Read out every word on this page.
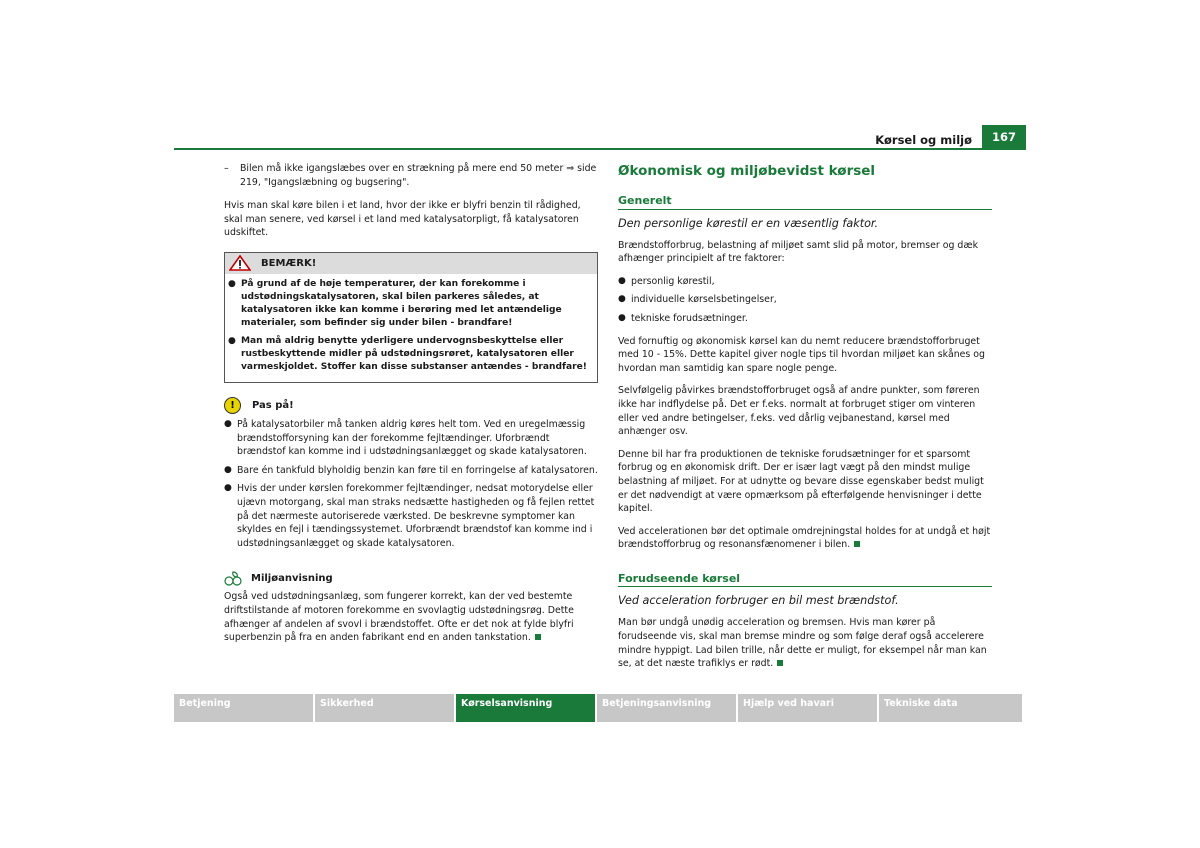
Kørsel og miljø	167
–	Bilen må ikke igangslæbes over en strækning på mere end 50 meter ⇒ side 219, "Igangslæbning og bugsering".

Hvis man skal køre bilen i et land, hvor der ikke er blyfri benzin til rådighed, skal man senere, ved kørsel i et land med katalysatorpligt, få katalysatoren udskiftet.

BEMÆRK!
● På grund af de høje temperaturer, der kan forekomme i udstødningskatalysatoren, skal bilen parkeres således, at katalysatoren ikke kan komme i berøring med let antændelige materialer, som befinder sig under bilen - brandfare!
● Man må aldrig benytte yderligere undervognsbeskyttelse eller rustbeskyttende midler på udstødningsrøret, katalysatoren eller varmeskjoldet. Stoffer kan disse substanser antændes - brandfare!
!	Pas på!
● På katalysatorbiler må tanken aldrig køres helt tom. Ved en uregelmæssig brændstofforsyning kan der forekomme fejltændinger. Uforbrændt brændstof kan komme ind i udstødningsanlægget og skade katalysatoren.
● Bare én tankfuld blyholdig benzin kan føre til en forringelse af katalysatoren.
● Hvis der under kørslen forekommer fejltændinger, nedsat motorydelse eller ujævn motorgang, skal man straks nedsætte hastigheden og få fejlen rettet på det nærmeste autoriserede værksted. De beskrevne symptomer kan skyldes en fejl i tændingssystemet. Uforbrændt brændstof kan komme ind i udstødningsanlægget og skade katalysatoren.
Miljøanvisning

Også ved udstødningsanlæg, som fungerer korrekt, kan der ved bestemte driftstilstande af motoren forekomme en svovlagtig udstødningsrøg. Dette afhænger af andelen af svovl i brændstoffet. Ofte er det nok at fylde blyfri superbenzin på fra en anden fabrikant end en anden tankstation.

Økonomisk og miljøbevidst kørsel
Generelt
Den personlige kørestil er en væsentlig faktor.

Brændstofforbrug, belastning af miljøet samt slid på motor, bremser og dæk afhænger principielt af tre faktorer:

● personlig kørestil,
● individuelle kørselsbetingelser,
● tekniske forudsætninger.

Ved fornuftig og økonomisk kørsel kan du nemt reducere brændstofforbruget med 10 - 15%. Dette kapitel giver nogle tips til hvordan miljøet kan skånes og hvordan man samtidig kan spare nogle penge.

Selvfølgelig påvirkes brændstofforbruget også af andre punkter, som føreren ikke har indflydelse på. Det er f.eks. normalt at forbruget stiger om vinteren eller ved andre betingelser, f.eks. ved dårlig vejbanestand, kørsel med anhænger osv.

Denne bil har fra produktionen de tekniske forudsætninger for et sparsomt forbrug og en økonomisk drift. Der er især lagt vægt på den mindst mulige belastning af miljøet. For at udnytte og bevare disse egenskaber bedst muligt er det nødvendigt at være opmærksom på efterfølgende henvisninger i dette kapitel.

Ved accelerationen bør det optimale omdrejningstal holdes for at undgå et højt brændstofforbrug og resonansfænomener i bilen.

Forudseende kørsel
Ved acceleration forbruger en bil mest brændstof.

Man bør undgå unødig acceleration og bremsen. Hvis man kører på forudseende vis, skal man bremse mindre og som følge deraf også accelerere mindre hyppigt. Lad bilen trille, når dette er muligt, for eksempel når man kan se, at det næste trafiklys er rødt.

Betjening	Sikkerhed	Kørselsanvisning	Betjeningsanvisning	Hjælp ved havari	Tekniske data
